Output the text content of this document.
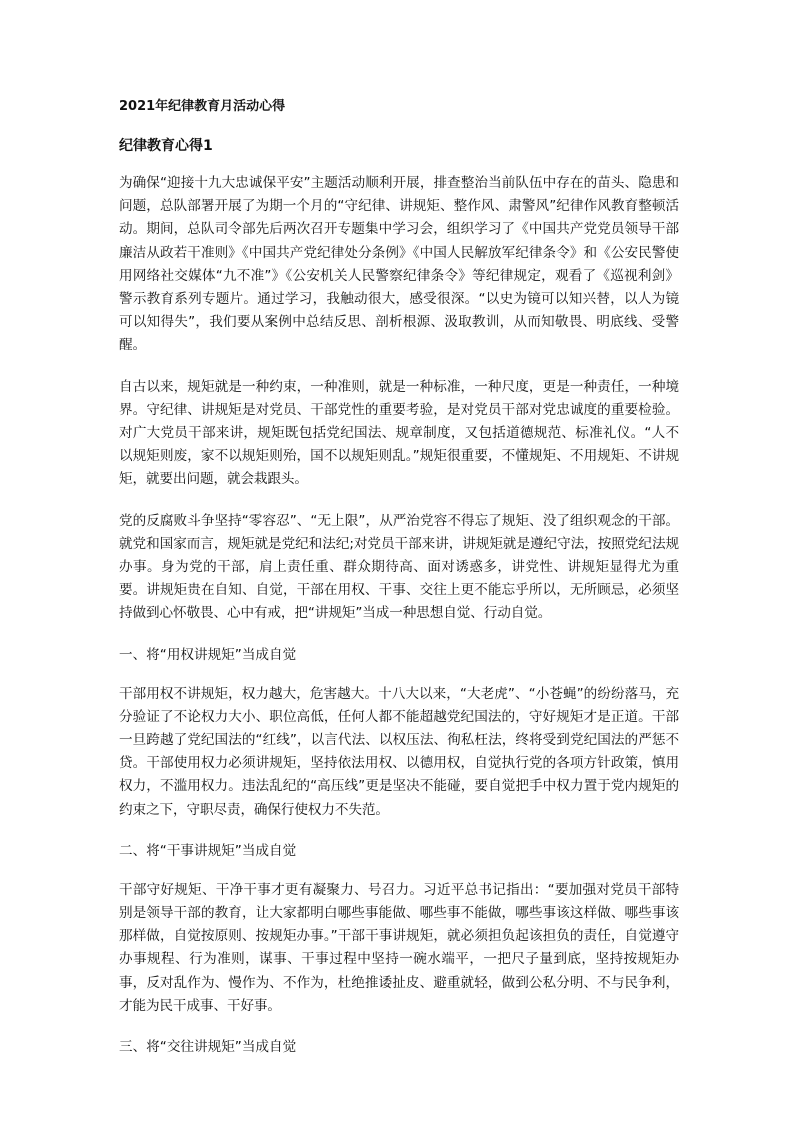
2021年纪律教育月活动心得
纪律教育心得1

为确保“迎接十九大忠诚保平安”主题活动顺利开展，排查整治当前队伍中存在的苗头、隐患和问题，总队部署开展了为期一个月的“守纪律、讲规矩、整作风、肃警风”纪律作风教育整顿活动。期间，总队司令部先后两次召开专题集中学习会，组织学习了《中国共产党党员领导干部廉洁从政若干准则》《中国共产党纪律处分条例》《中国人民解放军纪律条令》和《公安民警使用网络社交媒体“九不准”》《公安机关人民警察纪律条令》等纪律规定，观看了《巡视利剑》警示教育系列专题片。通过学习，我触动很大，感受很深。“以史为镜可以知兴替，以人为镜可以知得失”，我们要从案例中总结反思、剖析根源、汲取教训，从而知敬畏、明底线、受警醒。

自古以来，规矩就是一种约束，一种准则，就是一种标准，一种尺度，更是一种责任，一种境界。守纪律、讲规矩是对党员、干部党性的重要考验，是对党员干部对党忠诚度的重要检验。对广大党员干部来讲，规矩既包括党纪国法、规章制度，又包括道德规范、标准礼仪。“人不以规矩则废，家不以规矩则殆，国不以规矩则乱。”规矩很重要，不懂规矩、不用规矩、不讲规矩，就要出问题，就会栽跟头。

党的反腐败斗争坚持“零容忍”、“无上限”，从严治党容不得忘了规矩、没了组织观念的干部。就党和国家而言，规矩就是党纪和法纪;对党员干部来讲，讲规矩就是遵纪守法，按照党纪法规办事。身为党的干部，肩上责任重、群众期待高、面对诱惑多，讲党性、讲规矩显得尤为重要。讲规矩贵在自知、自觉，干部在用权、干事、交往上更不能忘乎所以，无所顾忌，必须坚持做到心怀敬畏、心中有戒，把“讲规矩”当成一种思想自觉、行动自觉。

一、将“用权讲规矩”当成自觉

干部用权不讲规矩，权力越大，危害越大。十八大以来，“大老虎”、“小苍蝇”的纷纷落马，充分验证了不论权力大小、职位高低，任何人都不能超越党纪国法的，守好规矩才是正道。干部一旦跨越了党纪国法的“红线”，以言代法、以权压法、徇私枉法，终将受到党纪国法的严惩不贷。干部使用权力必须讲规矩，坚持依法用权、以德用权，自觉执行党的各项方针政策，慎用权力，不滥用权力。违法乱纪的“高压线”更是坚决不能碰，要自觉把手中权力置于党内规矩的约束之下，守职尽责，确保行使权力不失范。

二、将“干事讲规矩”当成自觉

干部守好规矩、干净干事才更有凝聚力、号召力。习近平总书记指出：“要加强对党员干部特别是领导干部的教育，让大家都明白哪些事能做、哪些事不能做，哪些事该这样做、哪些事该那样做，自觉按原则、按规矩办事。”干部干事讲规矩，就必须担负起该担负的责任，自觉遵守办事规程、行为准则，谋事、干事过程中坚持一碗水端平，一把尺子量到底，坚持按规矩办事，反对乱作为、慢作为、不作为，杜绝推诿扯皮、避重就轻，做到公私分明、不与民争利，才能为民干成事、干好事。

三、将“交往讲规矩”当成自觉
